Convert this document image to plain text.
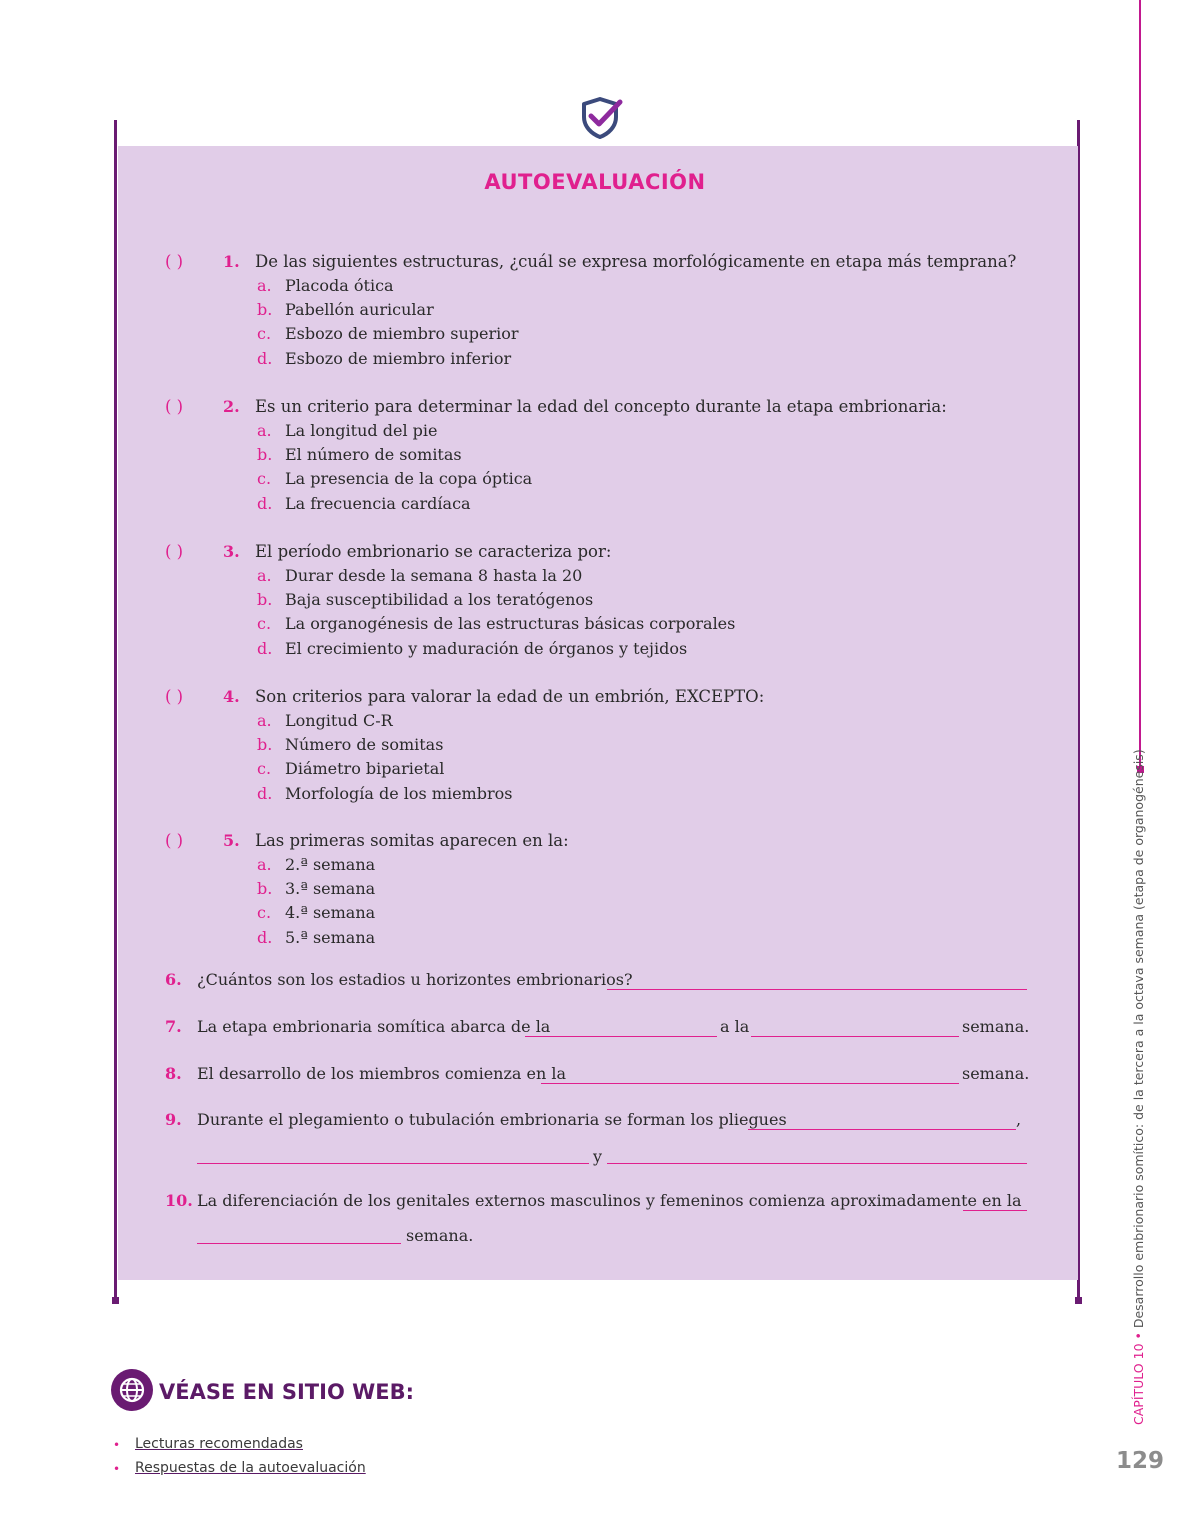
AUTOEVALUACIÓN
( )	1. De las siguientes estructuras, ¿cuál se expresa morfológicamente en etapa más temprana?
a. Placoda ótica
b. Pabellón auricular
c. Esbozo de miembro superior
d. Esbozo de miembro inferior
( )	2. Es un criterio para determinar la edad del concepto durante la etapa embrionaria:
a. La longitud del pie
b. El número de somitas
c. La presencia de la copa óptica
d. La frecuencia cardíaca
( )	3. El período embrionario se caracteriza por:
a. Durar desde la semana 8 hasta la 20
b. Baja susceptibilidad a los teratógenos
c. La organogénesis de las estructuras básicas corporales
d. El crecimiento y maduración de órganos y tejidos
( )	4. Son criterios para valorar la edad de un embrión, EXCEPTO:
a. Longitud C-R
b. Número de somitas
c. Diámetro biparietal
d. Morfología de los miembros
( )	5. Las primeras somitas aparecen en la:
a. 2.ª semana
b. 3.ª semana
c. 4.ª semana
d. 5.ª semana
6. ¿Cuántos son los estadios u horizontes embrionarios?
7. La etapa embrionaria somítica abarca de la	a la	semana.
8. El desarrollo de los miembros comienza en la	semana.
9. Durante el plegamiento o tubulación embrionaria se forman los pliegues	,
y
10. La diferenciación de los genitales externos masculinos y femeninos comienza aproximadamente en la
semana.
VÉASE EN SITIO WEB:
• Lecturas recomendadas
• Respuestas de la autoevaluación
CAPÍTULO 10 • Desarrollo embrionario somítico: de la tercera a la octava semana (etapa de organogénesis)
129
